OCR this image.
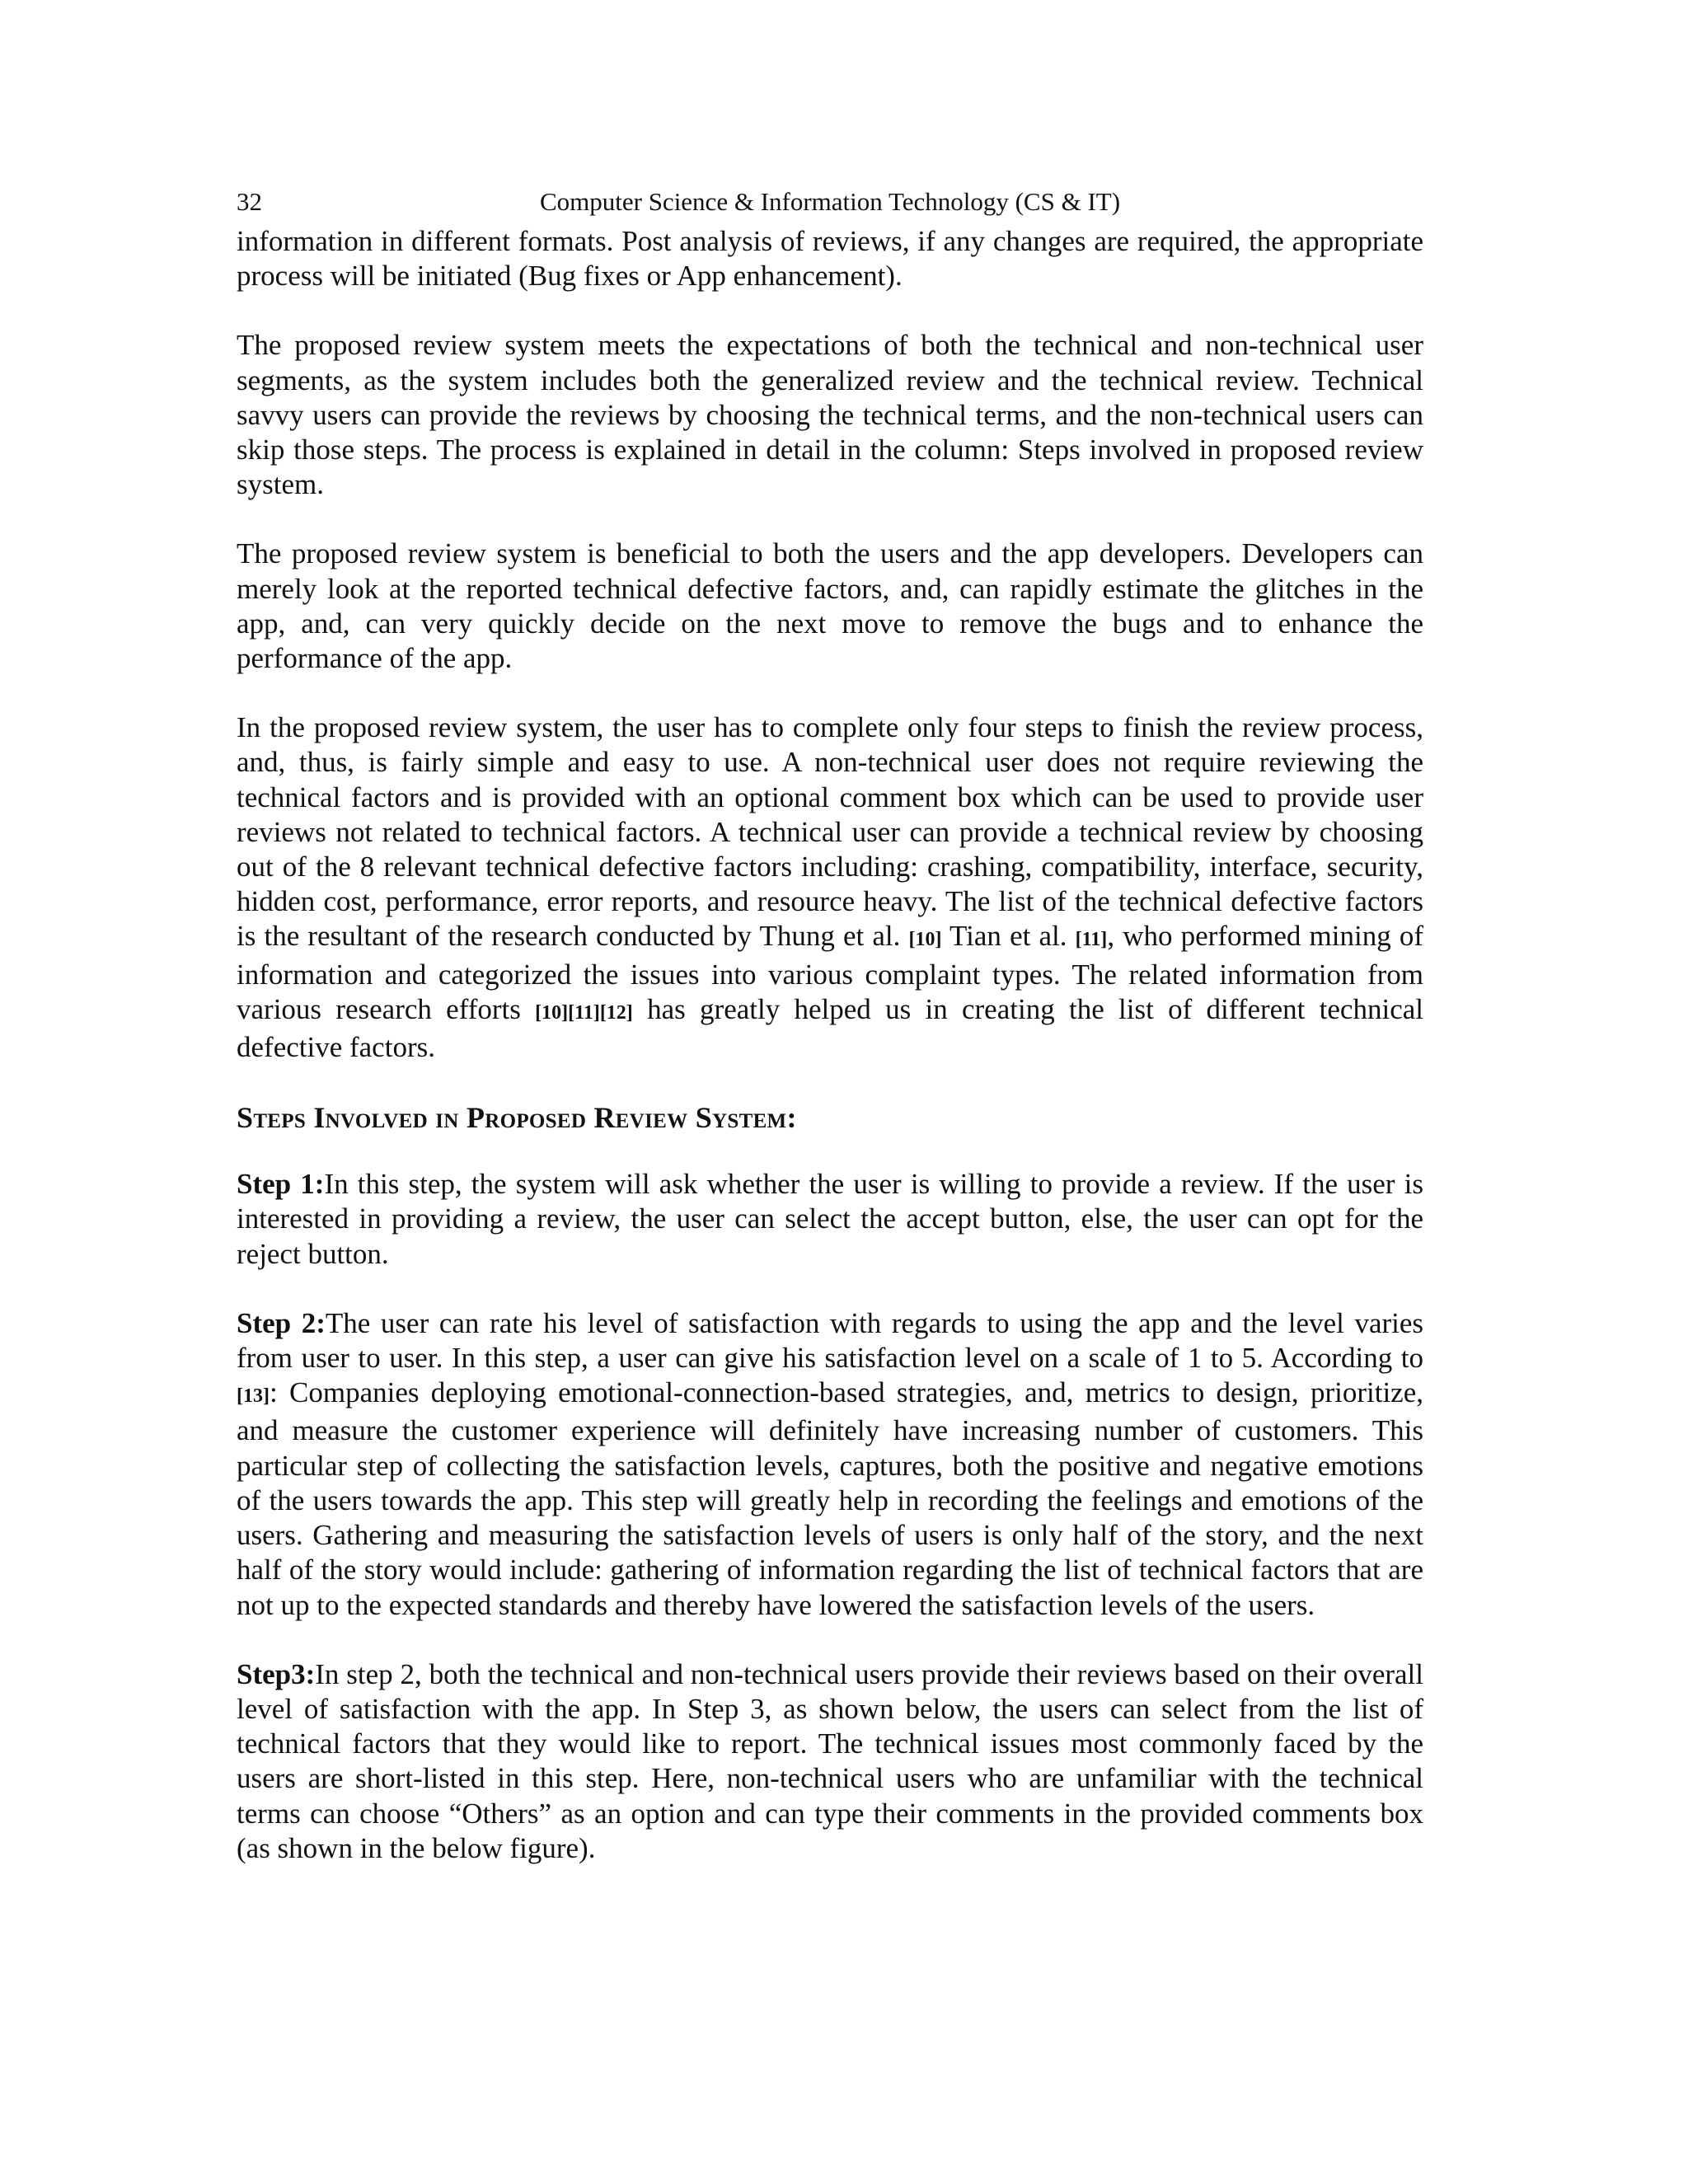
32	Computer Science & Information Technology (CS & IT)

information in different formats. Post analysis of reviews, if any changes are required, the appropriate process will be initiated (Bug fixes or App enhancement).

The proposed review system meets the expectations of both the technical and non-technical user segments, as the system includes both the generalized review and the technical review. Technical savvy users can provide the reviews by choosing the technical terms, and the non-technical users can skip those steps. The process is explained in detail in the column: Steps involved in proposed review system.

The proposed review system is beneficial to both the users and the app developers. Developers can merely look at the reported technical defective factors, and, can rapidly estimate the glitches in the app, and, can very quickly decide on the next move to remove the bugs and to enhance the performance of the app.

In the proposed review system, the user has to complete only four steps to finish the review process, and, thus, is fairly simple and easy to use. A non-technical user does not require reviewing the technical factors and is provided with an optional comment box which can be used to provide user reviews not related to technical factors. A technical user can provide a technical review by choosing out of the 8 relevant technical defective factors including: crashing, compatibility, interface, security, hidden cost, performance, error reports, and resource heavy. The list of the technical defective factors is the resultant of the research conducted by Thung et al. [10] Tian et al. [11], who performed mining of information and categorized the issues into various complaint types. The related information from various research efforts [10][11][12] has greatly helped us in creating the list of different technical defective factors.

Steps Involved in Proposed Review System:

Step 1:In this step, the system will ask whether the user is willing to provide a review. If the user is interested in providing a review, the user can select the accept button, else, the user can opt for the reject button.

Step 2:The user can rate his level of satisfaction with regards to using the app and the level varies from user to user. In this step, a user can give his satisfaction level on a scale of 1 to 5. According to [13]: Companies deploying emotional-connection-based strategies, and, metrics to design, prioritize, and measure the customer experience will definitely have increasing number of customers. This particular step of collecting the satisfaction levels, captures, both the positive and negative emotions of the users towards the app. This step will greatly help in recording the feelings and emotions of the users. Gathering and measuring the satisfaction levels of users is only half of the story, and the next half of the story would include: gathering of information regarding the list of technical factors that are not up to the expected standards and thereby have lowered the satisfaction levels of the users.

Step3:In step 2, both the technical and non-technical users provide their reviews based on their overall level of satisfaction with the app. In Step 3, as shown below, the users can select from the list of technical factors that they would like to report. The technical issues most commonly faced by the users are short-listed in this step. Here, non-technical users who are unfamiliar with the technical terms can choose “Others” as an option and can type their comments in the provided comments box (as shown in the below figure).
